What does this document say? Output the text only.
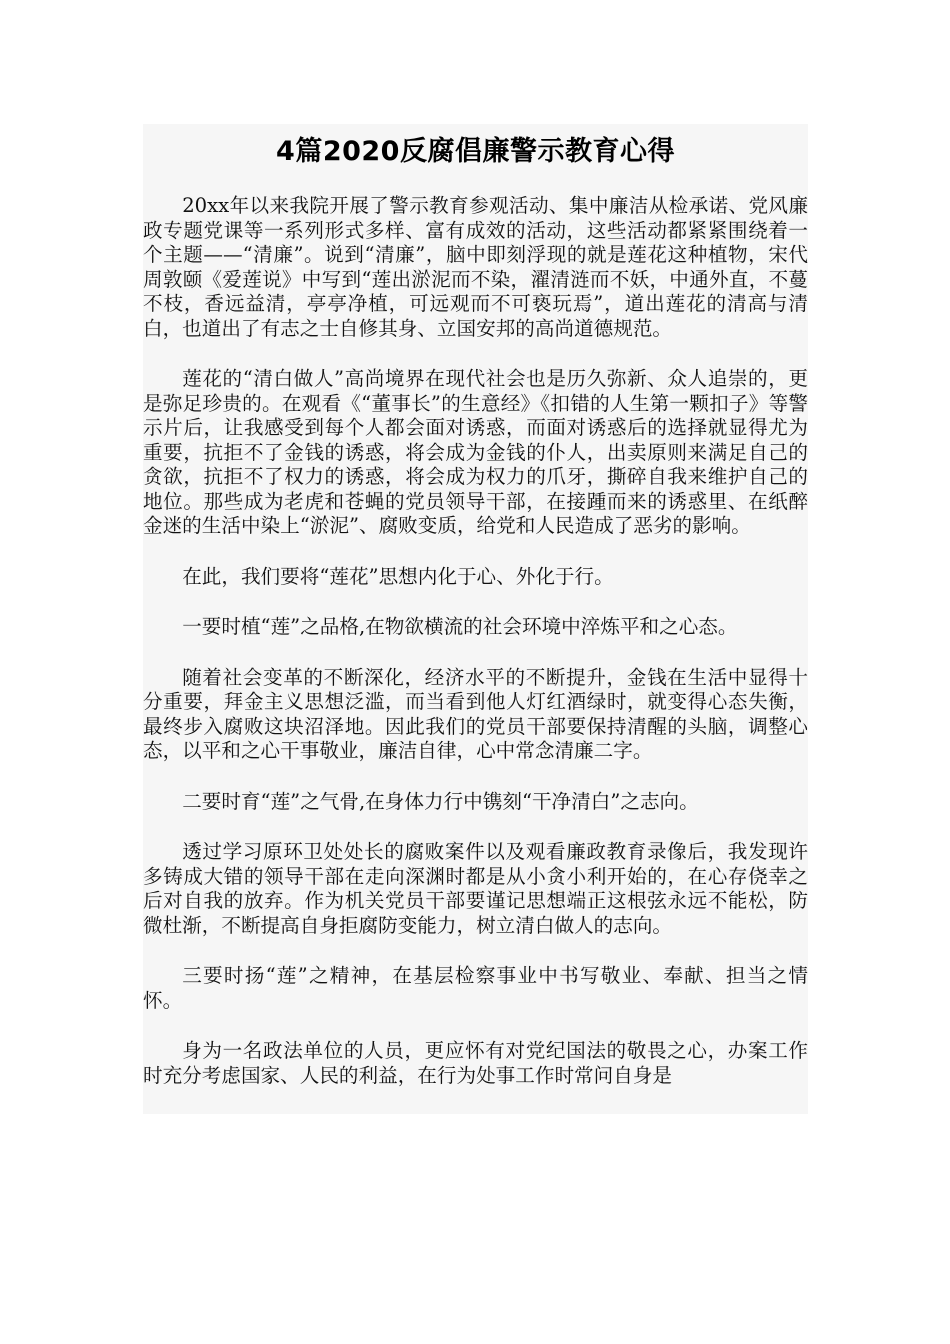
4篇2020反腐倡廉警示教育心得

20xx年以来我院开展了警示教育参观活动、集中廉洁从检承诺、党风廉政专题党课等一系列形式多样、富有成效的活动，这些活动都紧紧围绕着一个主题——“清廉”。说到“清廉”，脑中即刻浮现的就是莲花这种植物，宋代周敦颐《爱莲说》中写到“莲出淤泥而不染，濯清涟而不妖，中通外直，不蔓不枝，香远益清，亭亭净植，可远观而不可亵玩焉”，道出莲花的清高与清白，也道出了有志之士自修其身、立国安邦的高尚道德规范。

莲花的“清白做人”高尚境界在现代社会也是历久弥新、众人追崇的，更是弥足珍贵的。在观看《“董事长”的生意经》《扣错的人生第一颗扣子》等警示片后，让我感受到每个人都会面对诱惑，而面对诱惑后的选择就显得尤为重要，抗拒不了金钱的诱惑，将会成为金钱的仆人，出卖原则来满足自己的贪欲，抗拒不了权力的诱惑，将会成为权力的爪牙，撕碎自我来维护自己的地位。那些成为老虎和苍蝇的党员领导干部，在接踵而来的诱惑里、在纸醉金迷的生活中染上“淤泥”、腐败变质，给党和人民造成了恶劣的影响。

在此，我们要将“莲花”思想内化于心、外化于行。

一要时植“莲”之品格,在物欲横流的社会环境中淬炼平和之心态。

随着社会变革的不断深化，经济水平的不断提升，金钱在生活中显得十分重要，拜金主义思想泛滥，而当看到他人灯红酒绿时，就变得心态失衡，最终步入腐败这块沼泽地。因此我们的党员干部要保持清醒的头脑，调整心态，以平和之心干事敬业，廉洁自律，心中常念清廉二字。

二要时育“莲”之气骨,在身体力行中镌刻“干净清白”之志向。

透过学习原环卫处处长的腐败案件以及观看廉政教育录像后，我发现许多铸成大错的领导干部在走向深渊时都是从小贪小利开始的，在心存侥幸之后对自我的放弃。作为机关党员干部要谨记思想端正这根弦永远不能松，防微杜渐，不断提高自身拒腐防变能力，树立清白做人的志向。

三要时扬“莲”之精神，在基层检察事业中书写敬业、奉献、担当之情怀。

身为一名政法单位的人员，更应怀有对党纪国法的敬畏之心，办案工作时充分考虑国家、人民的利益，在行为处事工作时常问自身是
